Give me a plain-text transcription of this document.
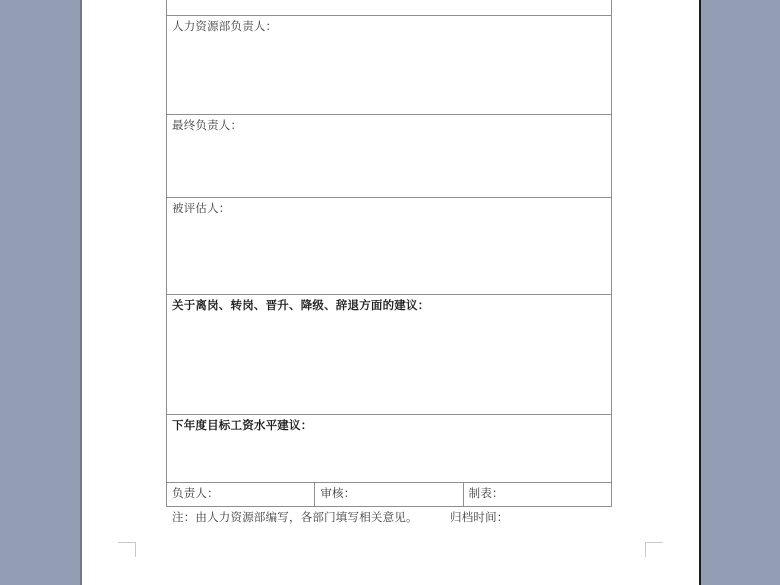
人力资源部负责人：

最终负责人：

被评估人：

关于离岗、转岗、晋升、降级、辞退方面的建议：

下年度目标工资水平建议：

负责人：	审核：	制表：
注：由人力资源部编写，各部门填写相关意见。	归档时间：
